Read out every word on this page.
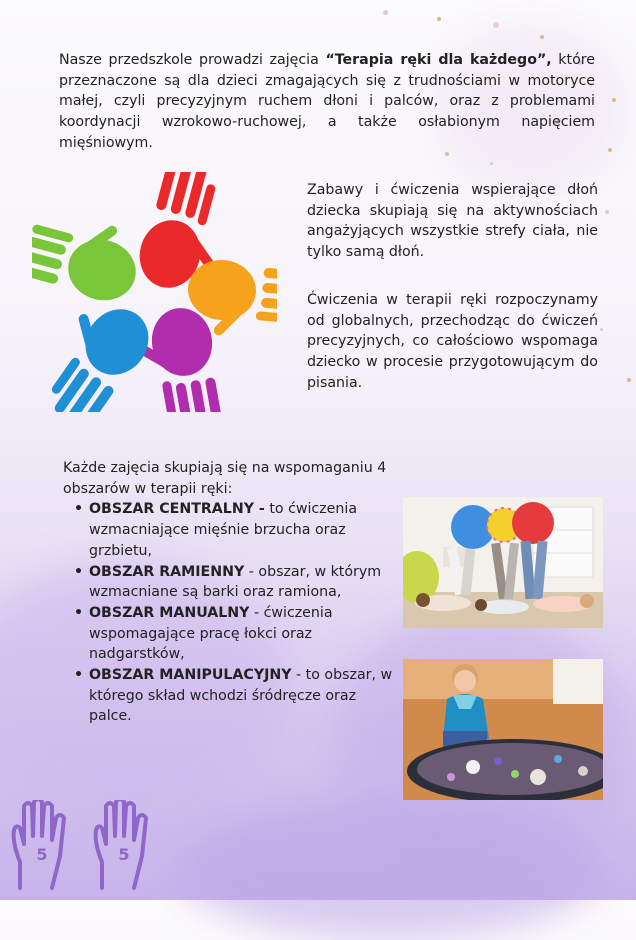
Nasze przedszkole prowadzi zajęcia “Terapia ręki dla każdego”, które przeznaczone są dla dzieci zmagających się z trudnościami w motoryce małej, czyli precyzyjnym ruchem dłoni i palców, oraz z problemami koordynacji wzrokowo-ruchowej, a także osłabionym napięciem mięśniowym.

Zabawy i ćwiczenia wspierające dłoń dziecka skupiają się na aktywnościach angażyjących wszystkie strefy ciała, nie tylko samą dłoń.

Ćwiczenia w terapii ręki rozpoczynamy od globalnych, przechodząc do ćwiczeń precyzyjnych, co całościowo wspomaga dziecko w procesie przygotowującym do pisania.

Każde zajęcia skupiają się na wspomaganiu 4 obszarów w terapii ręki:

• OBSZAR CENTRALNY - to ćwiczenia wzmacniające mięśnie brzucha oraz grzbietu,
• OBSZAR RAMIENNY - obszar, w którym wzmacniane są barki oraz ramiona,
• OBSZAR MANUALNY - ćwiczenia wspomagające pracę łokci oraz nadgarstków,
• OBSZAR MANIPULACYJNY - to obszar, w którego skład wchodzi śródręcze oraz palce.
5	5
